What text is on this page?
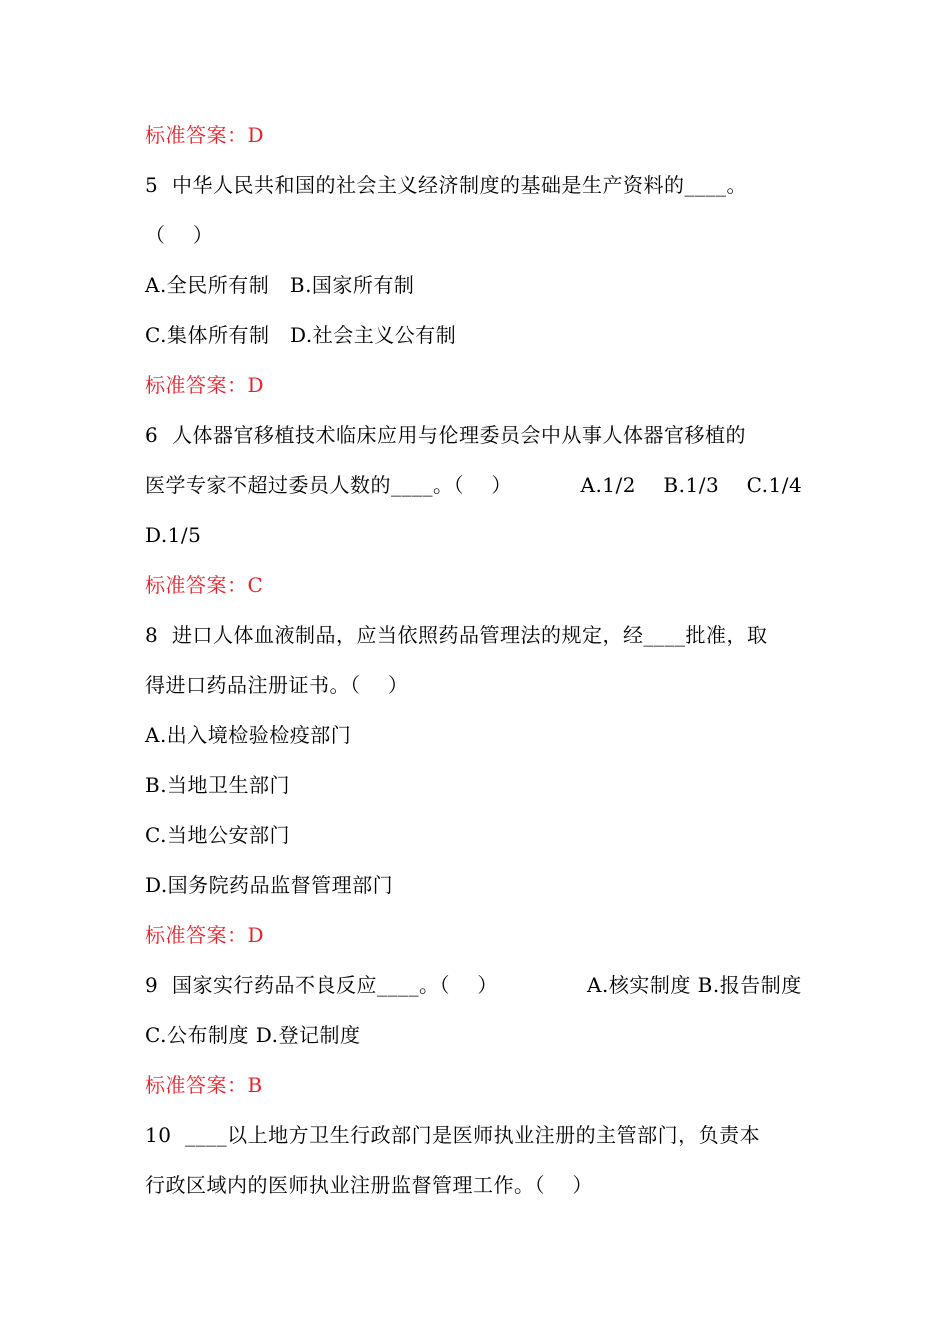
标准答案：D
5  中华人民共和国的社会主义经济制度的基础是生产资料的____。
（    ）
A.全民所有制   B.国家所有制
C.集体所有制   D.社会主义公有制
标准答案：D
6  人体器官移植技术临床应用与伦理委员会中从事人体器官移植的
医学专家不超过委员人数的____。（    ）          A.1/2    B.1/3    C.1/4
D.1/5
标准答案：C
8  进口人体血液制品，应当依照药品管理法的规定，经____批准，取
得进口药品注册证书。（    ）
A.出入境检验检疫部门
B.当地卫生部门
C.当地公安部门
D.国务院药品监督管理部门
标准答案：D
9  国家实行药品不良反应____。（    ）             A.核实制度 B.报告制度
C.公布制度 D.登记制度
标准答案：B
10  ____以上地方卫生行政部门是医师执业注册的主管部门，负责本
行政区域内的医师执业注册监督管理工作。（    ）
